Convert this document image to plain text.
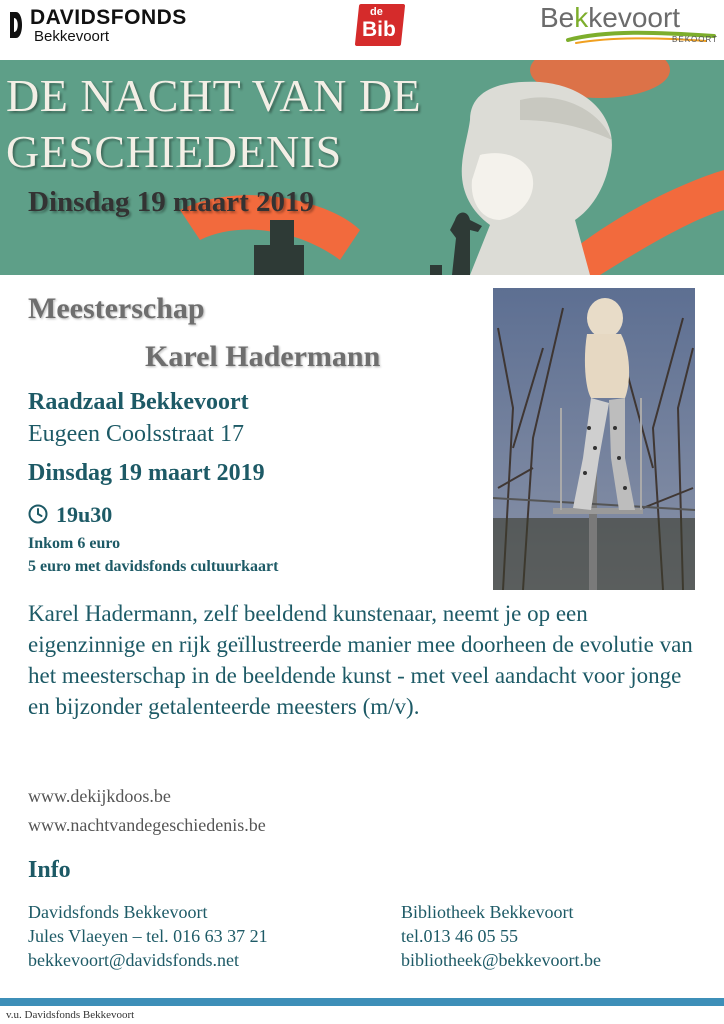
DAVIDSFONDS
Bekkevoort
de
Bib	Bekkevoort
BEKOORT
DE NACHT VAN DE GESCHIEDENIS
Dinsdag 19 maart 2019
Meesterschap
Karel Hadermann
Raadzaal Bekkevoort
Eugeen Coolsstraat 17
Dinsdag 19 maart 2019
19u30
Inkom 6 euro
5 euro met davidsfonds cultuurkaart

Karel Hadermann, zelf beeldend kunstenaar, neemt je op een eigenzinnige en rijk geïllustreerde manier mee doorheen de evolutie van het meesterschap in de beeldende kunst - met veel aandacht voor jonge en bijzonder getalenteerde meesters (m/v).

www.dekijkdoos.be
www.nachtvandegeschiedenis.be
Info
Davidsfonds Bekkevoort
Jules Vlaeyen – tel. 016 63 37 21
bekkevoort@davidsfonds.net
Bibliotheek Bekkevoort
tel.013 46 05 55
bibliotheek@bekkevoort.be
v.u. Davidsfonds Bekkevoort
